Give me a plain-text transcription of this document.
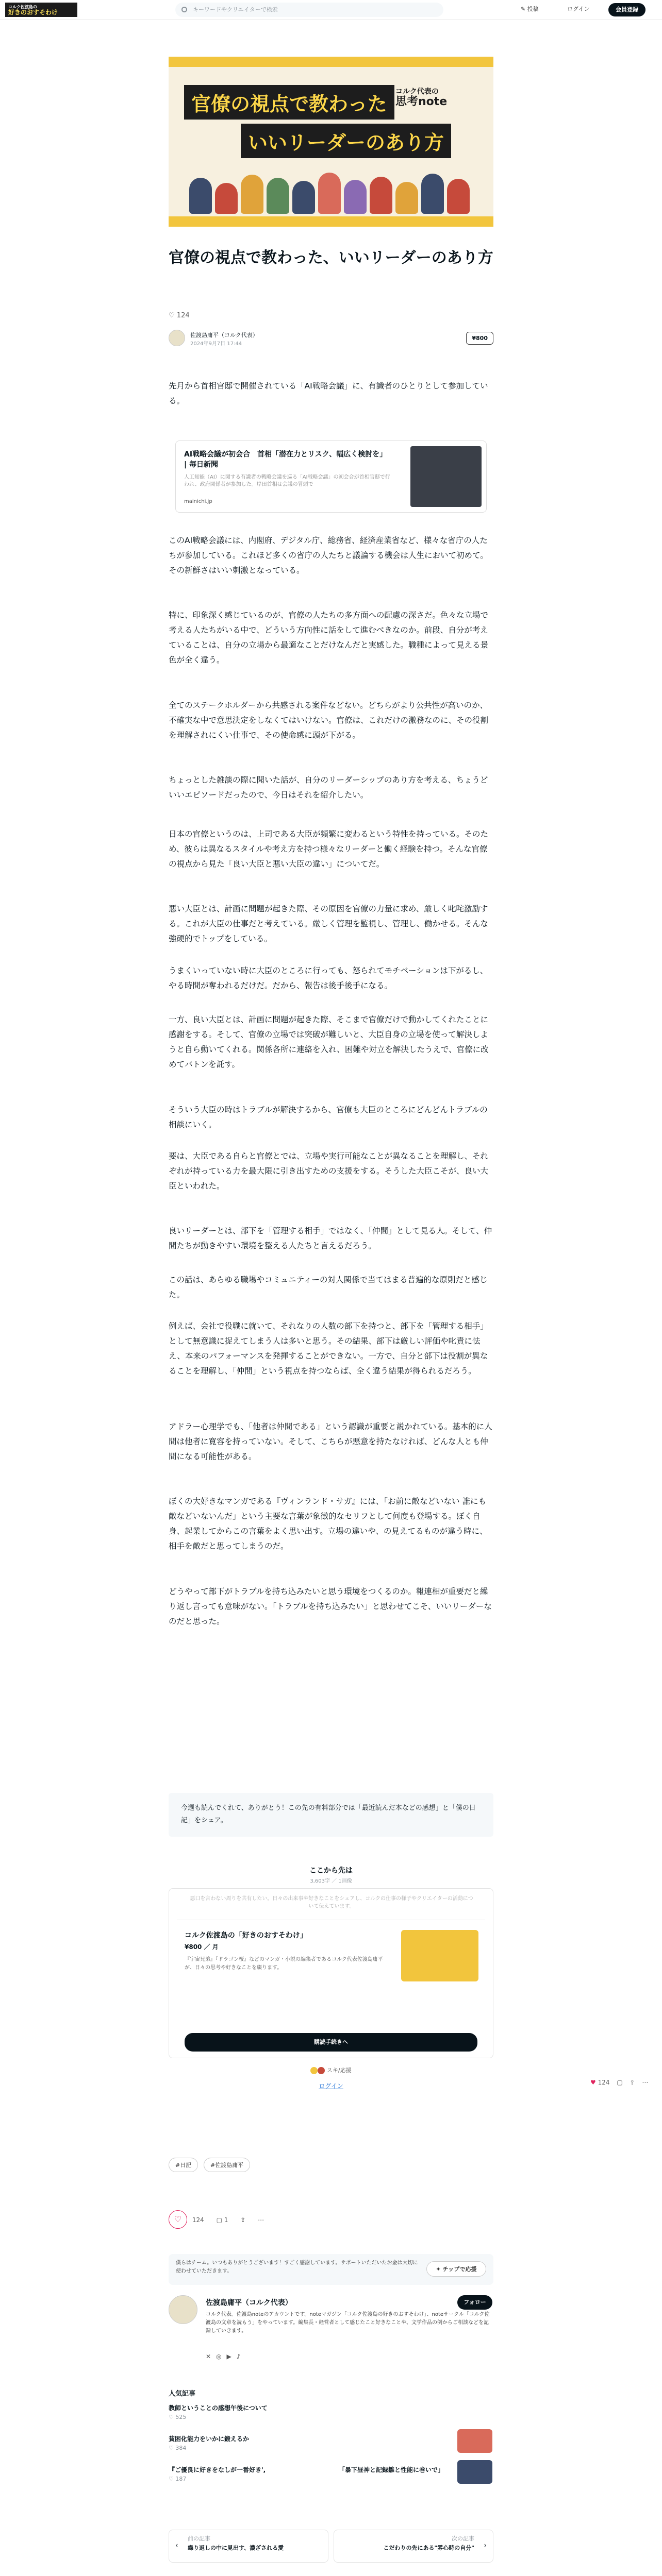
コルク佐渡島の
好きのおすそわけ	キーワードやクリエイターで検索	✎ 投稿	ログイン	会員登録
官僚の視点で教わった
コルク代表の
思考note
いいリーダーのあり方
官僚の視点で教わった、いいリーダーのあり方
♡ 124
佐渡島庸平（コルク代表）
2024年9月7日 17:44
¥800
先月から首相官邸で開催されている「AI戦略会議」に、有識者のひとりとして参加している。
AI戦略会議が初会合　首相「潜在力とリスク、幅広く検討を」 | 毎日新聞
人工知能（AI）に関する有識者の戦略会議を巡る「AI戦略会議」の初会合が首相官邸で行われ、政府関係者が参加した。岸田首相は会議の冒頭で
mainichi.jp
このAI戦略会議には、内閣府、デジタル庁、総務省、経済産業省など、様々な省庁の人たちが参加している。これほど多くの省庁の人たちと議論する機会は人生において初めて。その新鮮さはいい刺激となっている。
特に、印象深く感じているのが、官僚の人たちの多方面への配慮の深さだ。色々な立場で考える人たちがいる中で、どういう方向性に話をして進むべきなのか。前段、自分が考えていることは、自分の立場から最適なことだけなんだと実感した。職種によって見える景色が全く違う。
全てのステークホルダーから共感される案件などない。どちらがより公共性が高いのか、不確実な中で意思決定をしなくてはいけない。官僚は、これだけの激務なのに、その役割を理解されにくい仕事で、その使命感に頭が下がる。
ちょっとした雑談の際に聞いた話が、自分のリーダーシップのあり方を考える、ちょうどいいエピソードだったので、今日はそれを紹介したい。
日本の官僚というのは、上司である大臣が頻繁に変わるという特性を持っている。そのため、彼らは異なるスタイルや考え方を持つ様々なリーダーと働く経験を持つ。そんな官僚の視点から見た「良い大臣と悪い大臣の違い」についてだ。
悪い大臣とは、計画に問題が起きた際、その原因を官僚の力量に求め、厳しく叱咤激励する。これが大臣の仕事だと考えている。厳しく管理を監視し、管理し、働かせる。そんな強硬的でトップをしている。
うまくいっていない時に大臣のところに行っても、怒られてモチベーションは下がるし、やる時間が奪われるだけだ。だから、報告は後手後手になる。
一方、良い大臣とは、計画に問題が起きた際、そこまで官僚だけで動かしてくれたことに感謝をする。そして、官僚の立場では突破が難しいと、大臣自身の立場を使って解決しようと自ら動いてくれる。関係各所に連絡を入れ、困難や対立を解決したうえで、官僚に改めてバトンを託す。
そういう大臣の時はトラブルが解決するから、官僚も大臣のところにどんどんトラブルの相談にいく。
要は、大臣である自らと官僚とでは、立場や実行可能なことが異なることを理解し、それぞれが持っている力を最大限に引き出すための支援をする。そうした大臣こそが、良い大臣といわれた。
良いリーダーとは、部下を「管理する相手」ではなく、「仲間」として見る人。そして、仲間たちが動きやすい環境を整える人たちと言えるだろう。
この話は、あらゆる職場やコミュニティーの対人関係で当てはまる普遍的な原則だと感じた。
例えば、会社で役職に就いて、それなりの人数の部下を持つと、部下を「管理する相手」として無意識に捉えてしまう人は多いと思う。その結果、部下は厳しい評価や叱責に怯え、本来のパフォーマンスを発揮することができない。一方で、自分と部下は役割が異なることを理解し、「仲間」という視点を持つならば、全く違う結果が得られるだろう。
アドラー心理学でも、「他者は仲間である」という認識が重要と説かれている。基本的に人間は他者に寛容を持っていない。そして、こちらが悪意を持たなければ、どんな人とも仲間になる可能性がある。
ぼくの大好きなマンガである『ヴィンランド・サガ』には、「お前に敵などいない 誰にも敵などいないんだ」という主要な言葉が象徴的なセリフとして何度も登場する。ぼく自身、起業してからこの言葉をよく思い出す。立場の違いや、の見えてるものが違う時に、相手を敵だと思ってしまうのだ。
どうやって部下がトラブルを持ち込みたいと思う環境をつくるのか。報連相が重要だと繰り返し言っても意味がない。「トラブルを持ち込みたい」と思わせてこそ、いいリーダーなのだと思った。
今週も読んでくれて、ありがとう！この先の有料部分では「最近読んだ本などの感想」と「僕の日記」をシェア。
ここから先は
3,603字 ／ 1画像
悪口を言わない周りを共有したい。日々の出来事や好きなことをシェアし、コルクの仕事の様子やクリエイターの活動について伝えています。
コルク佐渡島の「好きのおすそわけ」
¥800 ／ 月
『宇宙兄弟』『ドラゴン桜』などのマンガ・小説の編集者であるコルク代表佐渡島庸平が、日々の思考や好きなことを綴ります。
購読手続きへ
スキ/応援
ログイン	♥ 124 ▢ ⇪ ⋯
#日記	#佐渡島庸平
♡ 124 ▢ 1 ⇪ ⋯
僕らはチーム。いつもありがとうございます！すごく感謝しています。サポートいただいたお金は大切に使わせていただきます。	✦ チップで応援
佐渡島庸平（コルク代表）	フォロー
コルク代表。佐渡島noteのアカウントです。noteマガジン「コルク佐渡島の好きのおすそわけ」、noteサークル「コルク佐渡島の文章を読もう」をやっています。編集長・経営者として感じたこと好きなことや、文学作品の例からご相談などを記録していきます。
✕◎▶♪
人気記事
教師ということの感想午後について
♡ 525
貧困化能力をいかに鍛えるか
♡ 384
『ご優良に好きをなしが一番好き',
♡ 187
「暴下昼神と記録雛と性能に巻いで」
‹
前の記事
繰り返しの中に見出す、濃ざされる愛	›
次の記事
こだわりの先にある"雰心時の自分"
